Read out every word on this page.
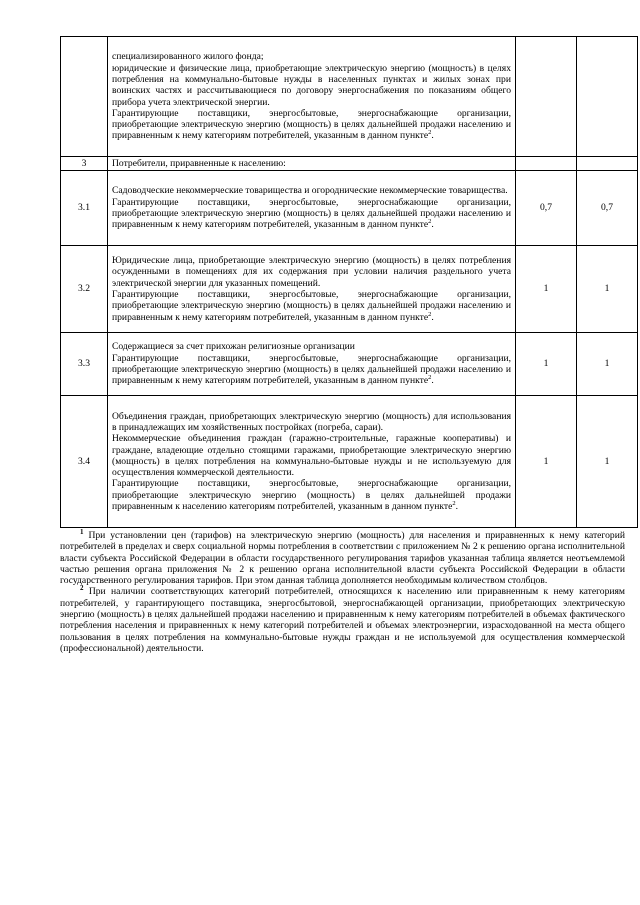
	специализированного жилого фонда;
юридические и физические лица, приобретающие электрическую энергию (мощность) в целях потребления на коммунально-бытовые нужды в населенных пунктах и жилых зонах при воинских частях и рассчитывающиеся по договору энергоснабжения по показаниям общего прибора учета электрической энергии.
Гарантирующие поставщики, энергосбытовые, энергоснабжающие организации, приобретающие электрическую энергию (мощность) в целях дальнейшей продажи населению и приравненным к нему категориям потребителей, указанным в данном пункте$^2$.		

3	Потребители, приравненные к населению:		

3.1	Садоводческие некоммерческие товарищества и огороднические некоммерческие товарищества.
Гарантирующие поставщики, энергосбытовые, энергоснабжающие организации, приобретающие электрическую энергию (мощность) в целях дальнейшей продажи населению и приравненным к нему категориям потребителей, указанным в данном пункте$^2$.	0,7	0,7
3.2	Юридические лица, приобретающие электрическую энергию (мощность) в целях потребления осужденными в помещениях для их содержания при условии наличия раздельного учета электрической энергии для указанных помещений.
Гарантирующие поставщики, энергосбытовые, энергоснабжающие организации, приобретающие электрическую энергию (мощность) в целях дальнейшей продажи населению и приравненным к нему категориям потребителей, указанным в данном пункте$^2$.	1	1
3.3	Содержащиеся за счет прихожан религиозные организации
Гарантирующие поставщики, энергосбытовые, энергоснабжающие организации, приобретающие электрическую энергию (мощность) в целях дальнейшей продажи населению и приравненным к нему категориям потребителей, указанным в данном пункте$^2$.	1	1
3.4	Объединения граждан, приобретающих электрическую энергию (мощность) для использования в принадлежащих им хозяйственных постройках (погреба, сараи).
Некоммерческие объединения граждан (гаражно-строительные, гаражные кооперативы) и граждане, владеющие отдельно стоящими гаражами, приобретающие электрическую энергию (мощность) в целях потребления на коммунально-бытовые нужды и не используемую для осуществления коммерческой деятельности.
Гарантирующие поставщики, энергосбытовые, энергоснабжающие организации, приобретающие электрическую энергию (мощность) в целях дальнейшей продажи приравненным к населению категориям потребителей, указанным в данном пункте$^2$.	1	1

$^1$ При установлении цен (тарифов) на электрическую энергию (мощность) для населения и приравненных к нему категорий потребителей в пределах и сверх социальной нормы потребления в соответствии с приложением № 2 к решению органа исполнительной власти субъекта Российской Федерации в области государственного регулирования тарифов указанная таблица является неотъемлемой частью решения органа приложения № 2 к решению органа исполнительной власти субъекта Российской Федерации в области государственного регулирования тарифов. При этом данная таблица дополняется необходимым количеством столбцов.

$^2$ При наличии соответствующих категорий потребителей, относящихся к населению или приравненным к нему категориям потребителей, у гарантирующего поставщика, энергосбытовой, энергоснабжающей организации, приобретающих электрическую энергию (мощность) в целях дальнейшей продажи населению и приравненным к нему категориям потребителей в объемах фактического потребления населения и приравненных к нему категорий потребителей и объемах электроэнергии, израсходованной на места общего пользования в целях потребления на коммунально-бытовые нужды граждан и не используемой для осуществления коммерческой (профессиональной) деятельности.
